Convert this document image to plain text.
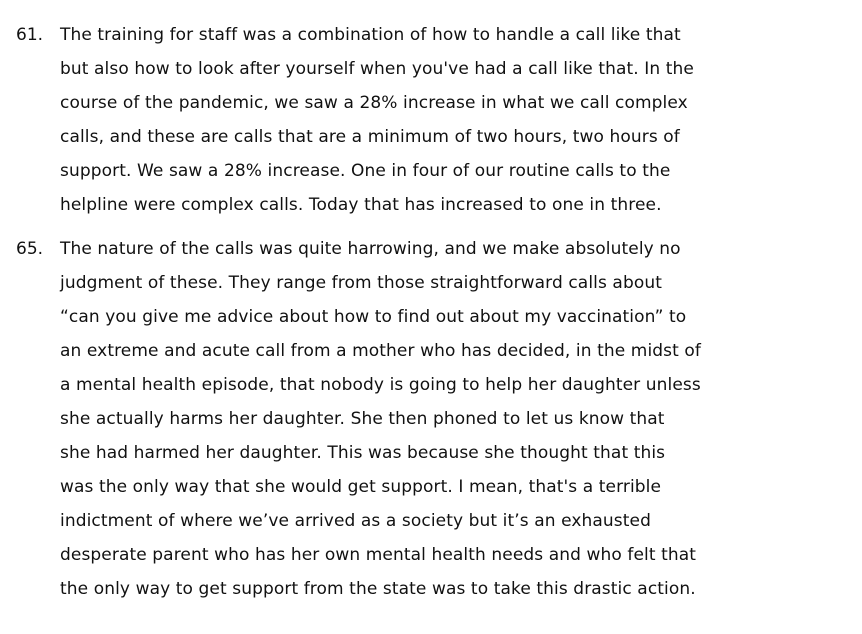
61. The training for staff was a combination of how to handle a call like that
but also how to look after yourself when you've had a call like that. In the
course of the pandemic, we saw a 28% increase in what we call complex
calls, and these are calls that are a minimum of two hours, two hours of
support. We saw a 28% increase. One in four of our routine calls to the
helpline were complex calls. Today that has increased to one in three.
65. The nature of the calls was quite harrowing, and we make absolutely no
judgment of these. They range from those straightforward calls about
“can you give me advice about how to find out about my vaccination” to
an extreme and acute call from a mother who has decided, in the midst of
a mental health episode, that nobody is going to help her daughter unless
she actually harms her daughter. She then phoned to let us know that
she had harmed her daughter. This was because she thought that this
was the only way that she would get support. I mean, that's a terrible
indictment of where we’ve arrived as a society but it’s an exhausted
desperate parent who has her own mental health needs and who felt that
the only way to get support from the state was to take this drastic action.
